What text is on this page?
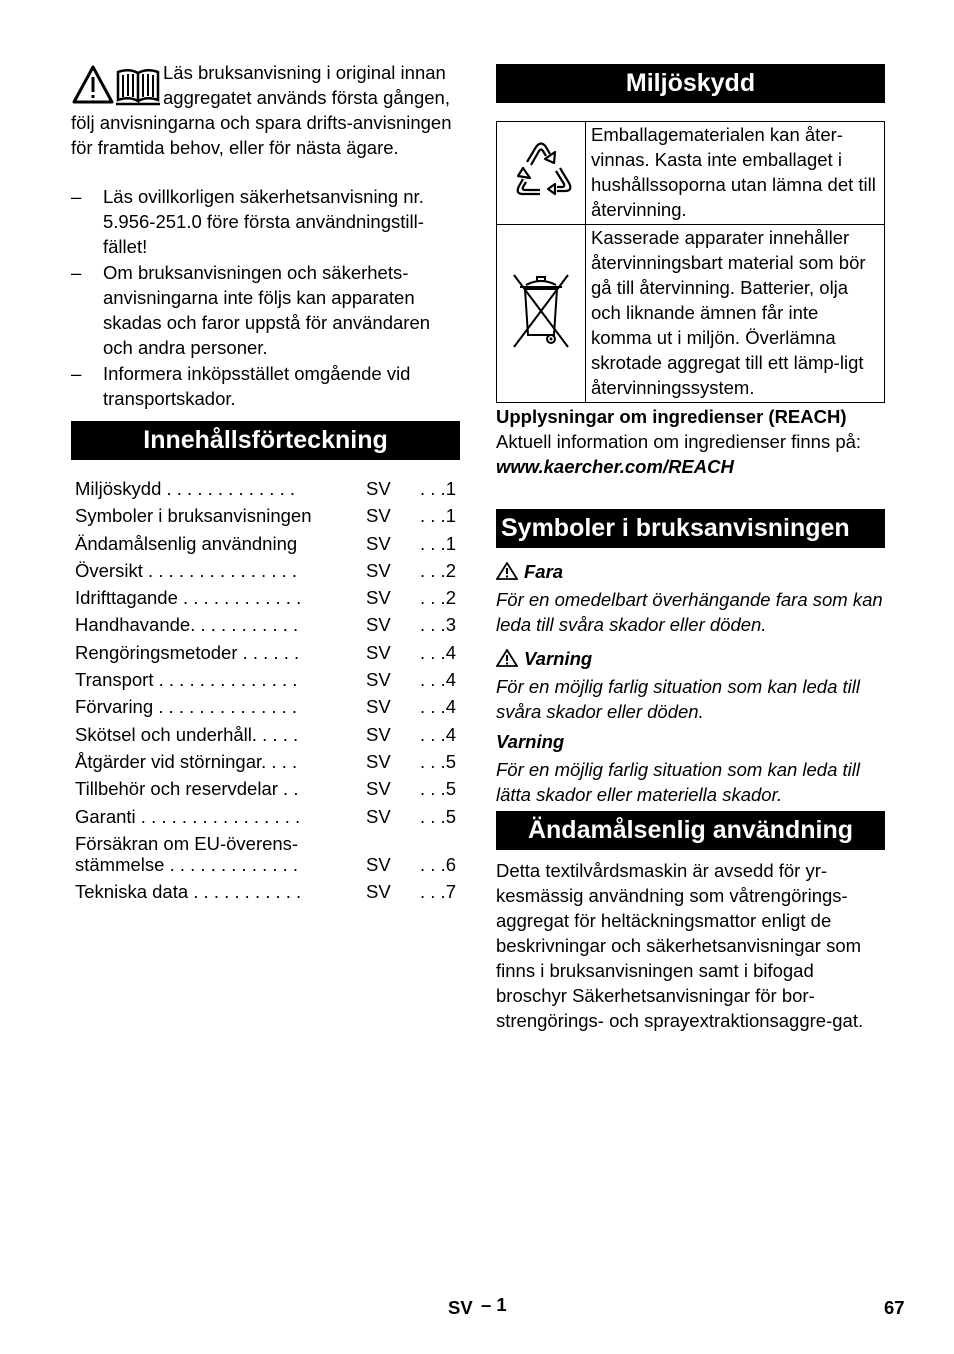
Läs bruksanvisning i original innan aggregatet används första gången, följ anvisningarna och spara drifts-anvisningen för framtida behov, eller för nästa ägare.

– Läs ovillkorligen säkerhetsanvisning nr. 5.956-251.0 före första användningstill-fället!
– Om bruksanvisningen och säkerhets-anvisningarna inte följs kan apparaten skadas och faror uppstå för användaren och andra personer.
– Informera inköpsstället omgående vid transportskador.
Innehållsförteckning
Miljöskydd . . . . . . . . . . . . .	SV	. . .1
Symboler i bruksanvisningen	SV	. . .1
Ändamålsenlig användning	SV	. . .1
Översikt . . . . . . . . . . . . . . .	SV	. . .2
Idrifttagande . . . . . . . . . . . .	SV	. . .2
Handhavande. . . . . . . . . . .	SV	. . .3
Rengöringsmetoder . . . . . .	SV	. . .4
Transport . . . . . . . . . . . . . .	SV	. . .4
Förvaring . . . . . . . . . . . . . .	SV	. . .4
Skötsel och underhåll. . . . .	SV	. . .4
Åtgärder vid störningar. . . .	SV	. . .5
Tillbehör och reservdelar . .	SV	. . .5
Garanti . . . . . . . . . . . . . . . .	SV	. . .5
Försäkran om EU-överens-
stämmelse . . . . . . . . . . . . .	SV	. . .6
Tekniska data . . . . . . . . . . .	SV	. . .7
Miljöskydd
	Emballagematerialen kan åter-vinnas. Kasta inte emballaget i hushållssoporna utan lämna det till återvinning.
	Kasserade apparater innehåller återvinningsbart material som bör gå till återvinning. Batterier, olja och liknande ämnen får inte komma ut i miljön. Överlämna skrotade aggregat till ett lämp-ligt återvinningssystem.

Upplysningar om ingredienser (REACH)

Aktuell information om ingredienser finns på:

www.kaercher.com/REACH

Symboler i bruksanvisningen

Fara

För en omedelbart överhängande fara som kan leda till svåra skador eller döden.

Varning

För en möjlig farlig situation som kan leda till svåra skador eller döden.

Varning

För en möjlig farlig situation som kan leda till lätta skador eller materiella skador.

Ändamålsenlig användning

Detta textilvårdsmaskin är avsedd för yr-kesmässig användning som våtrengörings-aggregat för heltäckningsmattor enligt de beskrivningar och säkerhetsanvisningar som finns i bruksanvisningen samt i bifogad broschyr Säkerhetsanvisningar för bor-strengörings- och sprayextraktionsaggre-gat.

SV – 1	67
